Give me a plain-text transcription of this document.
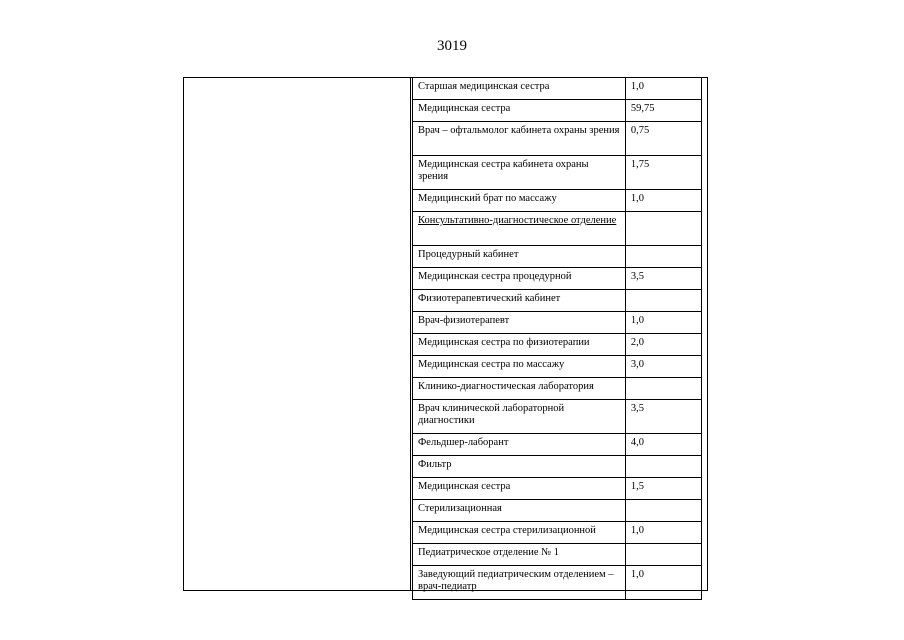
3019
Старшая медицинская сестра	1,0
Медицинская сестра	59,75
Врач – офтальмолог кабинета охраны зрения	0,75
Медицинская сестра кабинета охраны зрения	1,75
Медицинский брат по массажу	1,0
Консультативно-диагностическое отделение	
Процедурный кабинет	
Медицинская сестра процедурной	3,5
Физиотерапевтический кабинет	
Врач-физиотерапевт	1,0
Медицинская сестра по физиотерапии	2,0
Медицинская сестра по массажу	3,0
Клинико-диагностическая лаборатория	
Врач клинической лабораторной диагностики	3,5
Фельдшер-лаборант	4,0
Фильтр	
Медицинская сестра	1,5
Стерилизационная	
Медицинская сестра стерилизационной	1,0
Педиатрическое отделение № 1	
Заведующий педиатрическим отделением – врач-педиатр	1,0
